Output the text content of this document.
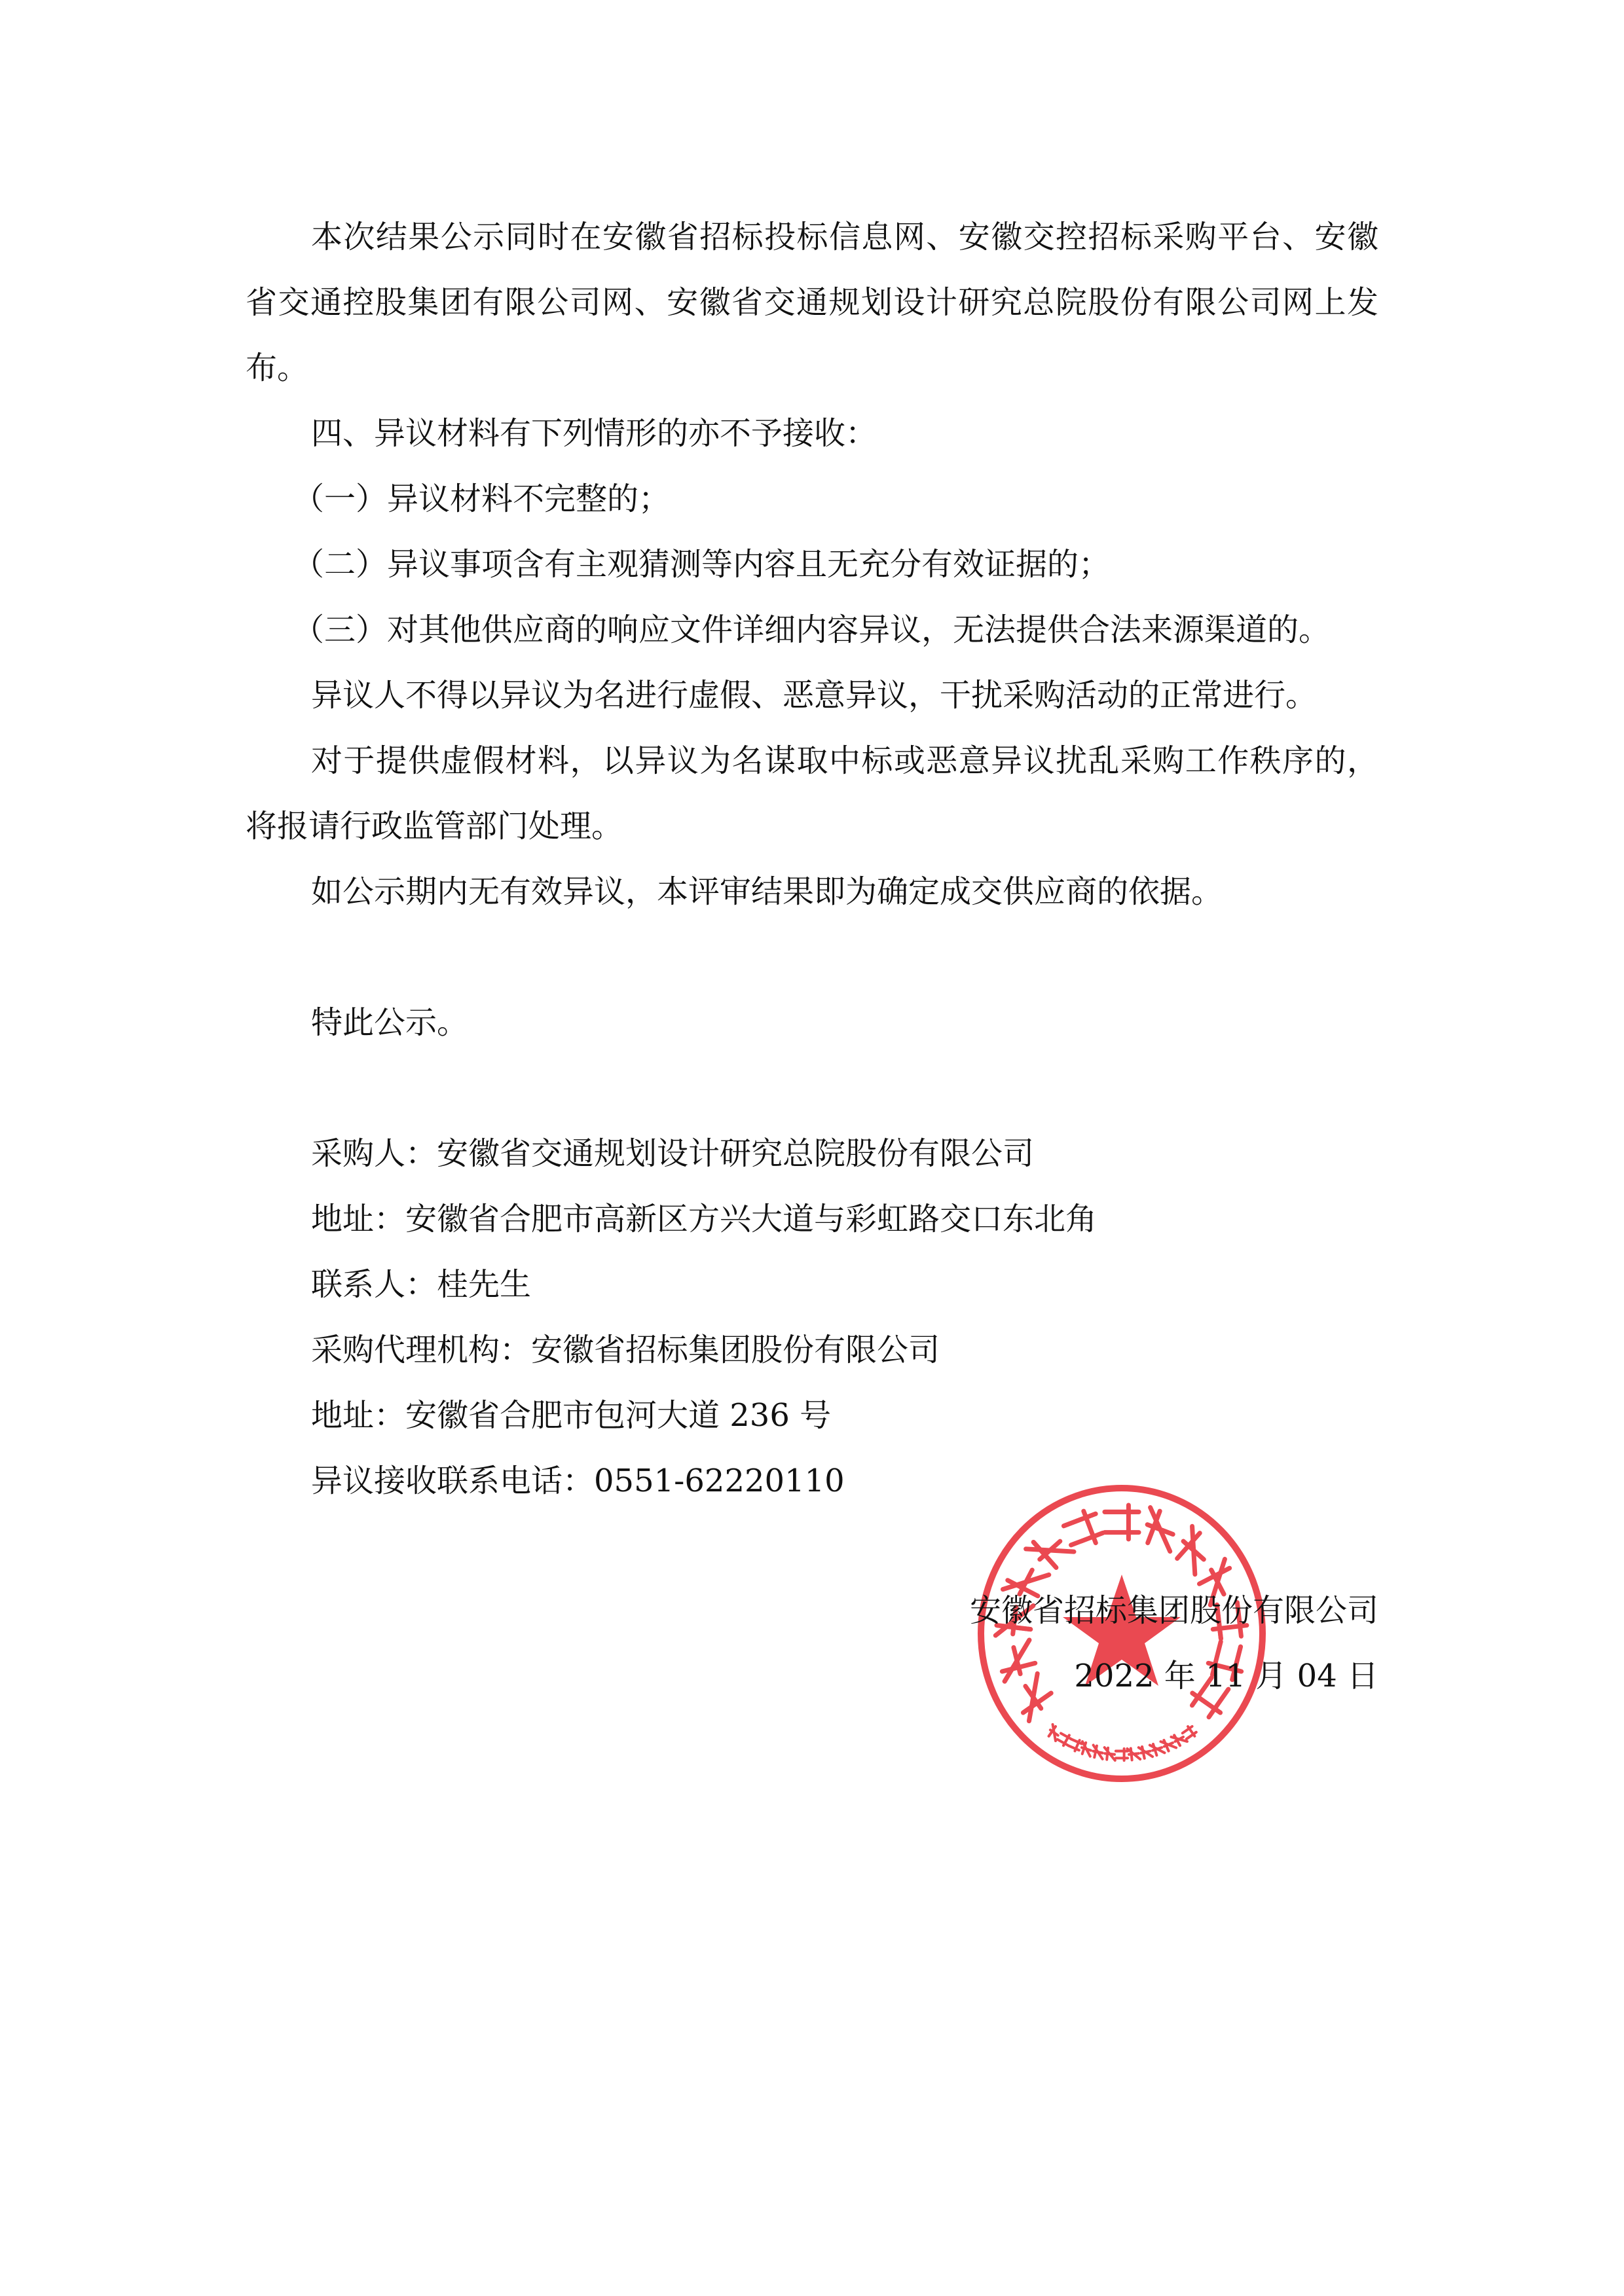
本次结果公示同时在安徽省招标投标信息网、安徽交控招标采购平台、安徽省交通控股集团有限公司网、安徽省交通规划设计研究总院股份有限公司网上发布。

四、异议材料有下列情形的亦不予接收：

（一）异议材料不完整的；

（二）异议事项含有主观猜测等内容且无充分有效证据的；

（三）对其他供应商的响应文件详细内容异议，无法提供合法来源渠道的。

异议人不得以异议为名进行虚假、恶意异议，干扰采购活动的正常进行。

对于提供虚假材料，以异议为名谋取中标或恶意异议扰乱采购工作秩序的，将报请行政监管部门处理。

如公示期内无有效异议，本评审结果即为确定成交供应商的依据。

特此公示。

采购人：安徽省交通规划设计研究总院股份有限公司

地址：安徽省合肥市高新区方兴大道与彩虹路交口东北角

联系人：桂先生

采购代理机构：安徽省招标集团股份有限公司

地址：安徽省合肥市包河大道 236 号

异议接收联系电话：0551-62220110

安徽省招标集团股份有限公司
2022 年 11 月 04 日
